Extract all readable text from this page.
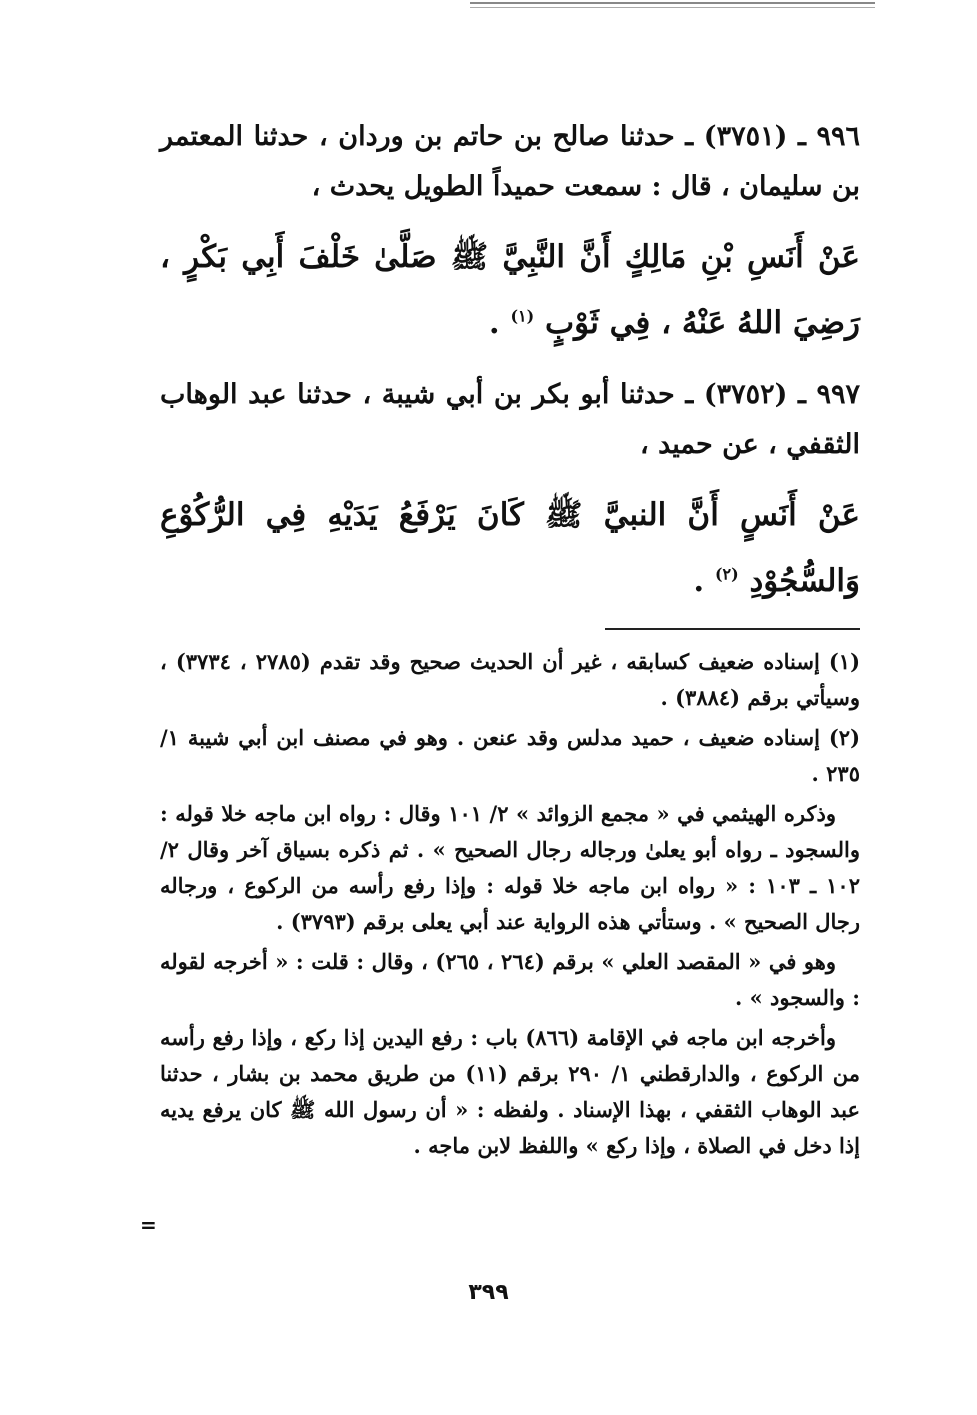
٩٩٦ ـ (٣٧٥١) ـ حدثنا صالح بن حاتم بن وردان ، حدثنا المعتمر بن سليمان ، قال : سمعت حميداً الطويل يحدث ،

عَنْ أَنَسِ بْنِ مَالِكٍ أَنَّ النَّبِيَّ ﷺ صَلَّىٰ خَلْفَ أَبِي بَكْرٍ ، رَضِيَ اللهُ عَنْهُ ، فِي ثَوْبٍ $^{(١)}$ .

٩٩٧ ـ (٣٧٥٢) ـ حدثنا أبو بكر بن أبي شيبة ، حدثنا عبد الوهاب الثقفي ، عن حميد ،

عَنْ أَنَسٍ أَنَّ النبيَّ ﷺ كَانَ يَرْفَعُ يَدَيْهِ فِي الرُّكُوْعِ وَالسُّجُوْدِ $^{(٢)}$ .

(١) إسناده ضعيف كسابقه ، غير أن الحديث صحيح وقد تقدم (٢٧٨٥ ، ٣٧٣٤) ، وسيأتي برقم (٣٨٨٤) .

(٢) إسناده ضعيف ، حميد مدلس وقد عنعن . وهو في مصنف ابن أبي شيبة ١/ ٢٣٥ .

وذكره الهيثمي في « مجمع الزوائد » ٢/ ١٠١ وقال : رواه ابن ماجه خلا قوله : والسجود ـ رواه أبو يعلىٰ ورجاله رجال الصحيح » . ثم ذكره بسياق آخر وقال ٢/ ١٠٢ ـ ١٠٣ : « رواه ابن ماجه خلا قوله : وإذا رفع رأسه من الركوع ، ورجاله رجال الصحيح » . وستأتي هذه الرواية عند أبي يعلى برقم (٣٧٩٣) .

وهو في « المقصد العلي » برقم (٢٦٤ ، ٢٦٥) ، وقال : قلت : « أخرجه لقوله : والسجود » .

وأخرجه ابن ماجه في الإقامة (٨٦٦) باب : رفع اليدين إذا ركع ، وإذا رفع رأسه من الركوع ، والدارقطني ١/ ٢٩٠ برقم (١١) من طريق محمد بن بشار ، حدثنا عبد الوهاب الثقفي ، بهذا الإسناد . ولفظه : « أن رسول الله ﷺ كان يرفع يديه إذا دخل في الصلاة ، وإذا ركع » واللفظ لابن ماجه .

=
٣٩٩
